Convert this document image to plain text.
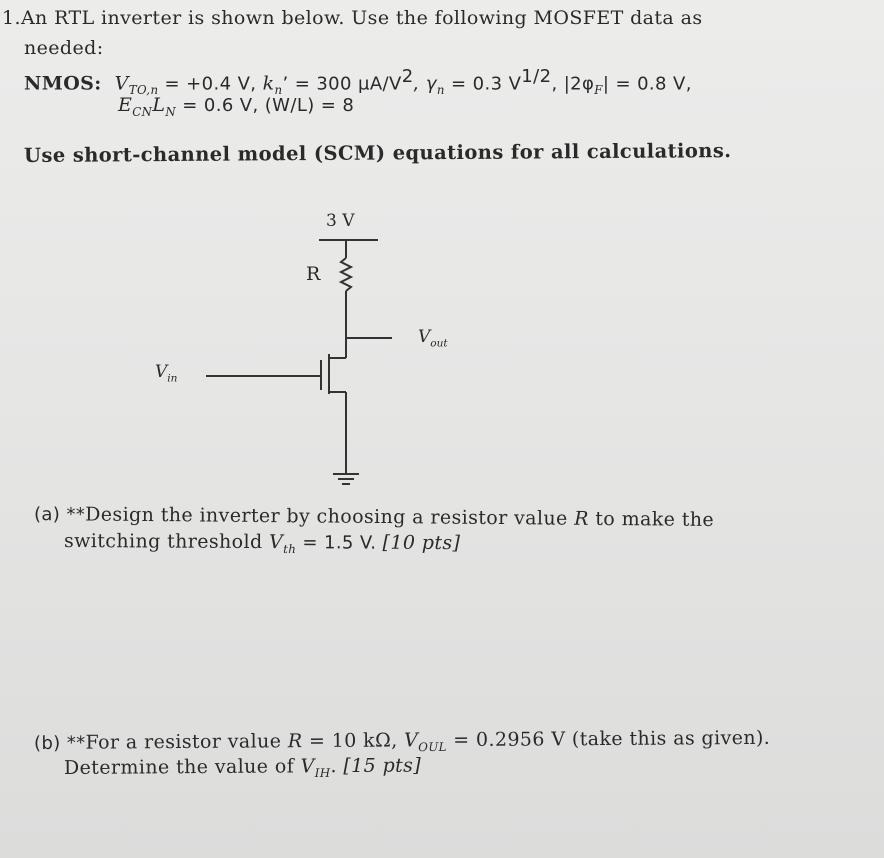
1.An RTL inverter is shown below. Use the following MOSFET data as
needed:
NMOS: $V_{TO,n} = +0.4$ V, $k_n$’ = 300 $\mu A/V^2$, $\gamma_n = 0.3$ $V^{1/2}$, $|2\varphi_F| = 0.8$ V,
$E_{CN}L_N = 0.6$ V, (W/L) = 8
Use short-channel model (SCM) equations for all calculations.
3 V
R
$V_{out}$
$V_{in}$
(a) **Design the inverter by choosing a resistor value R to make the
switching threshold $V_{th} = 1.5$ V. [10 pts]
(b) **For a resistor value R = 10 kΩ, $V_{OUL} = 0.2956$ V (take this as given).
Determine the value of $V_{IH}$. [15 pts]
